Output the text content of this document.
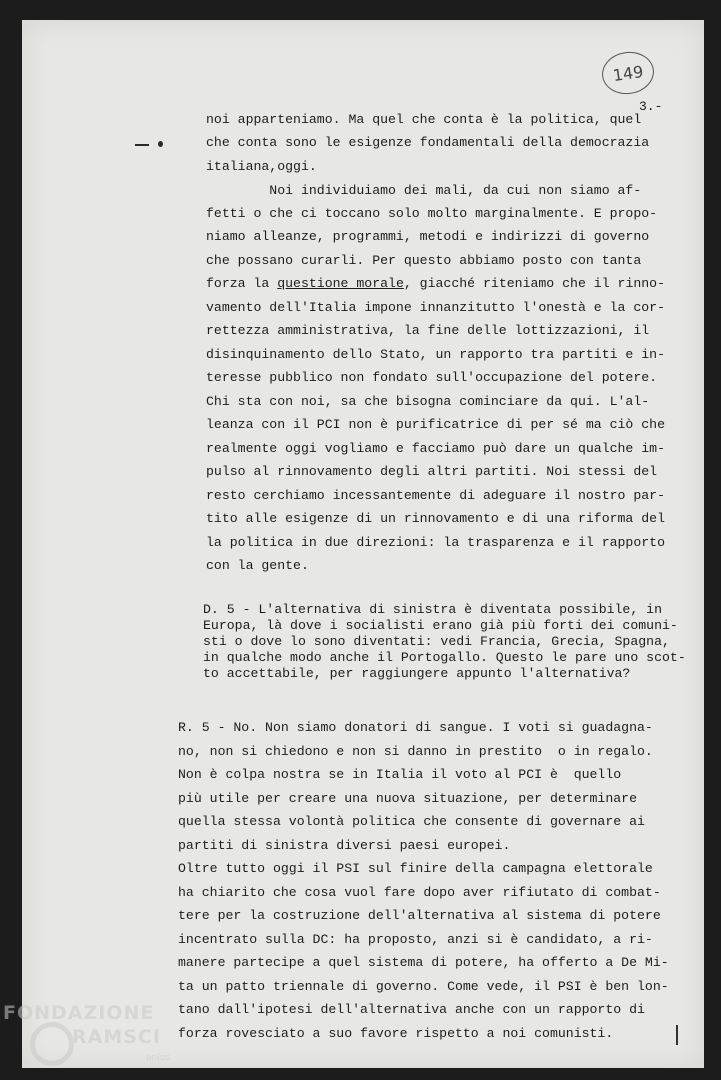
149
3.-
noi apparteniamo. Ma quel che conta è la politica, quel
che conta sono le esigenze fondamentali della democrazia
italiana,oggi.
Noi individuiamo dei mali, da cui non siamo af-
fetti o che ci toccano solo molto marginalmente. E propo-
niamo alleanze, programmi, metodi e indirizzi di governo
che possano curarli. Per questo abbiamo posto con tanta
forza la questione morale, giacché riteniamo che il rinno-
vamento dell'Italia impone innanzitutto l'onestà e la cor-
rettezza amministrativa, la fine delle lottizzazioni, il
disinquinamento dello Stato, un rapporto tra partiti e in-
teresse pubblico non fondato sull'occupazione del potere.
Chi sta con noi, sa che bisogna cominciare da qui. L'al-
leanza con il PCI non è purificatrice di per sé ma ciò che
realmente oggi vogliamo e facciamo può dare un qualche im-
pulso al rinnovamento degli altri partiti. Noi stessi del
resto cerchiamo incessantemente di adeguare il nostro par-
tito alle esigenze di un rinnovamento e di una riforma del
la politica in due direzioni: la trasparenza e il rapporto
con la gente.
D. 5 - L'alternativa di sinistra è diventata possibile, in
Europa, là dove i socialisti erano già più forti dei comuni-
sti o dove lo sono diventati: vedi Francia, Grecia, Spagna,
in qualche modo anche il Portogallo. Questo le pare uno scot-
to accettabile, per raggiungere appunto l'alternativa?
R. 5 - No. Non siamo donatori di sangue. I voti si guadagna-
no, non si chiedono e non si danno in prestito  o in regalo.
Non è colpa nostra se in Italia il voto al PCI è  quello
più utile per creare una nuova situazione, per determinare
quella stessa volontà politica che consente di governare ai
partiti di sinistra diversi paesi europei.
Oltre tutto oggi il PSI sul finire della campagna elettorale
ha chiarito che cosa vuol fare dopo aver rifiutato di combat-
tere per la costruzione dell'alternativa al sistema di potere
incentrato sulla DC: ha proposto, anzi si è candidato, a ri-
manere partecipe a quel sistema di potere, ha offerto a De Mi-
ta un patto triennale di governo. Come vede, il PSI è ben lon-
tano dall'ipotesi dell'alternativa anche con un rapporto di
forza rovesciato a suo favore rispetto a noi comunisti.
FONDAZIONE
RAMSCI
onlus
